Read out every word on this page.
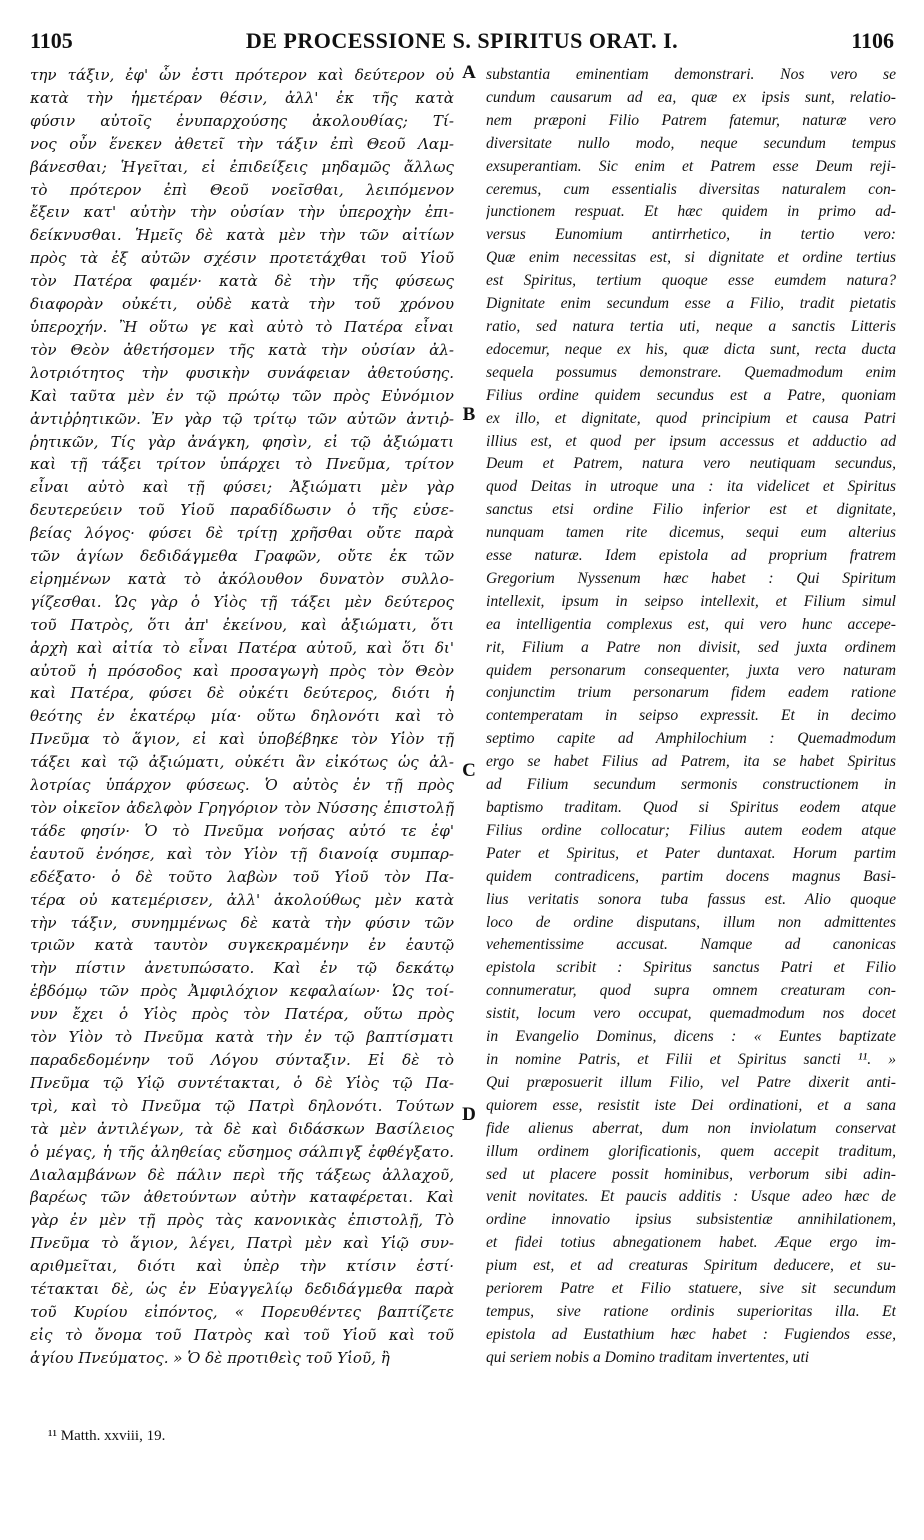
1105	DE PROCESSIONE S. SPIRITUS ORAT. I.	1106
την τάξιν, ἐφ' ὧν ἐστι πρότερον καὶ δεύτερον οὐ
κατὰ τὴν ἡμετέραν θέσιν, ἀλλ' ἐκ τῆς κατὰ
φύσιν αὐτοῖς ἐνυπαρχούσης ἀκολουθίας; Τί-
νος οὖν ἕνεκεν ἀθετεῖ τὴν τάξιν ἐπὶ Θεοῦ Λαμ-
βάνεσθαι; Ἡγεῖται, εἰ ἐπιδείξεις μηδαμῶς ἄλλως
τὸ πρότερον ἐπὶ Θεοῦ νοεῖσθαι, λειπόμενον
ἔξειν κατ' αὐτὴν τὴν οὐσίαν τὴν ὑπεροχὴν ἐπι-
δείκνυσθαι. Ἡμεῖς δὲ κατὰ μὲν τὴν τῶν αἰτίων
πρὸς τὰ ἐξ αὐτῶν σχέσιν προτετάχθαι τοῦ Υἱοῦ
τὸν Πατέρα φαμέν· κατὰ δὲ τὴν τῆς φύσεως
διαφορὰν οὐκέτι, οὐδὲ κατὰ τὴν τοῦ χρόνου
ὑπεροχήν. Ἢ οὕτω γε καὶ αὐτὸ τὸ Πατέρα εἶναι
τὸν Θεὸν ἀθετήσομεν τῆς κατὰ τὴν οὐσίαν ἀλ-
λοτριότητος τὴν φυσικὴν συνάφειαν ἀθετούσης.
Καὶ ταῦτα μὲν ἐν τῷ πρώτῳ τῶν πρὸς Εὐνόμιον
ἀντιῤῥητικῶν. Ἐν γὰρ τῷ τρίτῳ τῶν αὐτῶν ἀντιῤ-
ῥητικῶν, Τίς γὰρ ἀνάγκη, φησὶν, εἰ τῷ ἀξιώματι
καὶ τῇ τάξει τρίτον ὑπάρχει τὸ Πνεῦμα, τρίτον
εἶναι αὐτὸ καὶ τῇ φύσει; Ἀξιώματι μὲν γὰρ
δευτερεύειν τοῦ Υἱοῦ παραδίδωσιν ὁ τῆς εὐσε-
βείας λόγος· φύσει δὲ τρίτῃ χρῆσθαι οὔτε παρὰ
τῶν ἁγίων δεδιδάγμεθα Γραφῶν, οὔτε ἐκ τῶν
εἰρημένων κατὰ τὸ ἀκόλουθον δυνατὸν συλλο-
γίζεσθαι. Ὡς γὰρ ὁ Υἱὸς τῇ τάξει μὲν δεύτερος
τοῦ Πατρὸς, ὅτι ἀπ' ἐκείνου, καὶ ἀξιώματι, ὅτι
ἀρχὴ καὶ αἰτία τὸ εἶναι Πατέρα αὐτοῦ, καὶ ὅτι δι'
αὐτοῦ ἡ πρόσοδος καὶ προσαγωγὴ πρὸς τὸν Θεὸν
καὶ Πατέρα, φύσει δὲ οὐκέτι δεύτερος, διότι ἡ
θεότης ἐν ἑκατέρῳ μία· οὕτω δηλονότι καὶ τὸ
Πνεῦμα τὸ ἅγιον, εἰ καὶ ὑποβέβηκε τὸν Υἱὸν τῇ
τάξει καὶ τῷ ἀξιώματι, οὐκέτι ἂν εἰκότως ὡς ἀλ-
λοτρίας ὑπάρχον φύσεως. Ὁ αὐτὸς ἐν τῇ πρὸς
τὸν οἰκεῖον ἀδελφὸν Γρηγόριον τὸν Νύσσης ἐπιστολῇ
τάδε φησίν· Ὁ τὸ Πνεῦμα νοήσας αὐτό τε ἐφ'
ἑαυτοῦ ἐνόησε, καὶ τὸν Υἱὸν τῇ διανοίᾳ συμπαρ-
εδέξατο· ὁ δὲ τοῦτο λαβὼν τοῦ Υἱοῦ τὸν Πα-
τέρα οὐ κατεμέρισεν, ἀλλ' ἀκολούθως μὲν κατὰ
τὴν τάξιν, συνημμένως δὲ κατὰ τὴν φύσιν τῶν
τριῶν κατὰ ταυτὸν συγκεκραμένην ἐν ἑαυτῷ
τὴν πίστιν ἀνετυπώσατο. Καὶ ἐν τῷ δεκάτῳ
ἑβδόμῳ τῶν πρὸς Ἀμφιλόχιον κεφαλαίων· Ὡς τοί-
νυν ἔχει ὁ Υἱὸς πρὸς τὸν Πατέρα, οὕτω πρὸς
τὸν Υἱὸν τὸ Πνεῦμα κατὰ τὴν ἐν τῷ βαπτίσματι
παραδεδομένην τοῦ Λόγου σύνταξιν. Εἰ δὲ τὸ
Πνεῦμα τῷ Υἱῷ συντέτακται, ὁ δὲ Υἱὸς τῷ Πα-
τρὶ, καὶ τὸ Πνεῦμα τῷ Πατρὶ δηλονότι. Τούτων
τὰ μὲν ἀντιλέγων, τὰ δὲ καὶ διδάσκων Βασίλειος
ὁ μέγας, ἡ τῆς ἀληθείας εὔσημος σάλπιγξ ἐφθέγξατο.
Διαλαμβάνων δὲ πάλιν περὶ τῆς τάξεως ἀλλαχοῦ,
βαρέως τῶν ἀθετούντων αὐτὴν καταφέρεται. Καὶ
γὰρ ἐν μὲν τῇ πρὸς τὰς κανονικὰς ἐπιστολῇ, Τὸ
Πνεῦμα τὸ ἅγιον, λέγει, Πατρὶ μὲν καὶ Υἱῷ συν-
αριθμεῖται, διότι καὶ ὑπὲρ τὴν κτίσιν ἐστί·
τέτακται δὲ, ὡς ἐν Εὐαγγελίῳ δεδιδάγμεθα παρὰ
τοῦ Κυρίου εἰπόντος, « Πορευθέντες βαπτίζετε
εἰς τὸ ὄνομα τοῦ Πατρὸς καὶ τοῦ Υἱοῦ καὶ τοῦ
ἁγίου Πνεύματος. » Ὁ δὲ προτιθεὶς τοῦ Υἱοῦ, ἢ
substantia eminentiam demonstrari. Nos vero se
cundum causarum ad ea, quæ ex ipsis sunt, relatio-
nem præponi Filio Patrem fatemur, naturæ vero
diversitate nullo modo, neque secundum tempus
exsuperantiam. Sic enim et Patrem esse Deum reji-
ceremus, cum essentialis diversitas naturalem con-
junctionem respuat. Et hæc quidem in primo ad-
versus Eunomium antirrhetico, in tertio vero:
Quæ enim necessitas est, si dignitate et ordine tertius
est Spiritus, tertium quoque esse eumdem natura?
Dignitate enim secundum esse a Filio, tradit pietatis
ratio, sed natura tertia uti, neque a sanctis Litteris
edocemur, neque ex his, quæ dicta sunt, recta ducta
sequela possumus demonstrare. Quemadmodum enim
Filius ordine quidem secundus est a Patre, quoniam
ex illo, et dignitate, quod principium et causa Patri
illius est, et quod per ipsum accessus et adductio ad
Deum et Patrem, natura vero neutiquam secundus,
quod Deitas in utroque una : ita videlicet et Spiritus
sanctus etsi ordine Filio inferior est et dignitate,
nunquam tamen rite dicemus, sequi eum alterius
esse naturæ. Idem epistola ad proprium fratrem
Gregorium Nyssenum hæc habet : Qui Spiritum
intellexit, ipsum in seipso intellexit, et Filium simul
ea intelligentia complexus est, qui vero hunc accepe-
rit, Filium a Patre non divisit, sed juxta ordinem
quidem personarum consequenter, juxta vero naturam
conjunctim trium personarum fidem eadem ratione
contemperatam in seipso expressit. Et in decimo
septimo capite ad Amphilochium : Quemadmodum
ergo se habet Filius ad Patrem, ita se habet Spiritus
ad Filium secundum sermonis constructionem in
baptismo traditam. Quod si Spiritus eodem atque
Filius ordine collocatur; Filius autem eodem atque
Pater et Spiritus, et Pater duntaxat. Horum partim
quidem contradicens, partim docens magnus Basi-
lius veritatis sonora tuba fassus est. Alio quoque
loco de ordine disputans, illum non admittentes
vehementissime accusat. Namque ad canonicas
epistola scribit : Spiritus sanctus Patri et Filio
connumeratur, quod supra omnem creaturam con-
sistit, locum vero occupat, quemadmodum nos docet
in Evangelio Dominus, dicens : « Euntes baptizate
in nomine Patris, et Filii et Spiritus sancti ¹¹. »
Qui præposuerit illum Filio, vel Patre dixerit anti-
quiorem esse, resistit iste Dei ordinationi, et a sana
fide alienus aberrat, dum non inviolatum conservat
illum ordinem glorificationis, quem accepit traditum,
sed ut placere possit hominibus, verborum sibi adin-
venit novitates. Et paucis additis : Usque adeo hæc de
ordine innovatio ipsius subsistentiæ annihilationem,
et fidei totius abnegationem habet. Æque ergo im-
pium est, et ad creaturas Spiritum deducere, et su-
periorem Patre et Filio statuere, sive sit secundum
tempus, sive ratione ordinis superioritas illa. Et
epistola ad Eustathium hæc habet : Fugiendos esse,
qui seriem nobis a Domino traditam invertentes, uti
A
B
C
D
¹¹ Matth. xxviii, 19.
